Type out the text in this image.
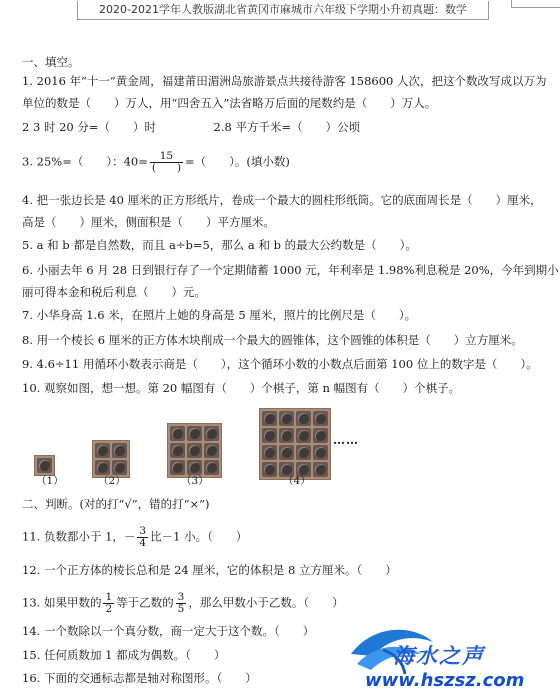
2020-2021学年人教版湖北省黄冈市麻城市六年级下学期小升初真题：数学
一、填空。
1. 2016 年“十一”黄金周，福建莆田湄洲岛旅游景点共接待游客 158600 人次，把这个数改写成以万为
单位的数是（　　）万人，用“四舍五入”法省略万后面的尾数约是（　　）万人。
2 3 时 20 分=（　　）时　　　　　2.8 平方千米=（　　）公顷
3. 25%=（　　）：$40= \frac{15}{( )}$ =（　　）。(填小数)
4. 把一张边长是 40 厘米的正方形纸片，卷成一个最大的圆柱形纸筒。它的底面周长是（　　）厘米，
高是（　　）厘米，侧面积是（　　）平方厘米。
5. a 和 b 都是自然数，而且 a÷b=5，那么 a 和 b 的最大公约数是（　　）。
6. 小丽去年 6 月 28 日到银行存了一个定期储蓄 1000 元，年利率是 1.98%利息税是 20%，今年到期小
丽可得本金和税后利息（　　）元。
7. 小华身高 1.6 米，在照片上她的身高是 5 厘米，照片的比例尺是（　　）。
8. 用一个棱长 6 厘米的正方体木块削成一个最大的圆锥体，这个圆锥的体积是（　　）立方厘米。
9. 4.6÷11 用循环小数表示商是（　　），这个循环小数的小数点后面第 100 位上的数字是（　　）。
10. 观察如图，想一想。第 20 幅图有（　　）个棋子，第 n 幅图有（　　）个棋子。
（1）	（2）	（3）	（4）
……
二、判断。(对的打“√”，错的打“×”)
11. 负数都小于 1，－ $\frac{3}{4}$ 比－1 小。（　　）
12. 一个正方体的棱长总和是 24 厘米，它的体积是 8 立方厘米。（　　）
13. 如果甲数的 $\frac{1}{2}$ 等于乙数的 $\frac{3}{5}$ ，那么甲数小于乙数。（　　）
14. 一个数除以一个真分数，商一定大于这个数。（　　）
15. 任何质数加 1 都成为偶数。（　　）
16. 下面的交通标志都是轴对称图形。（　　）
海水之声
www.hszsz.com
